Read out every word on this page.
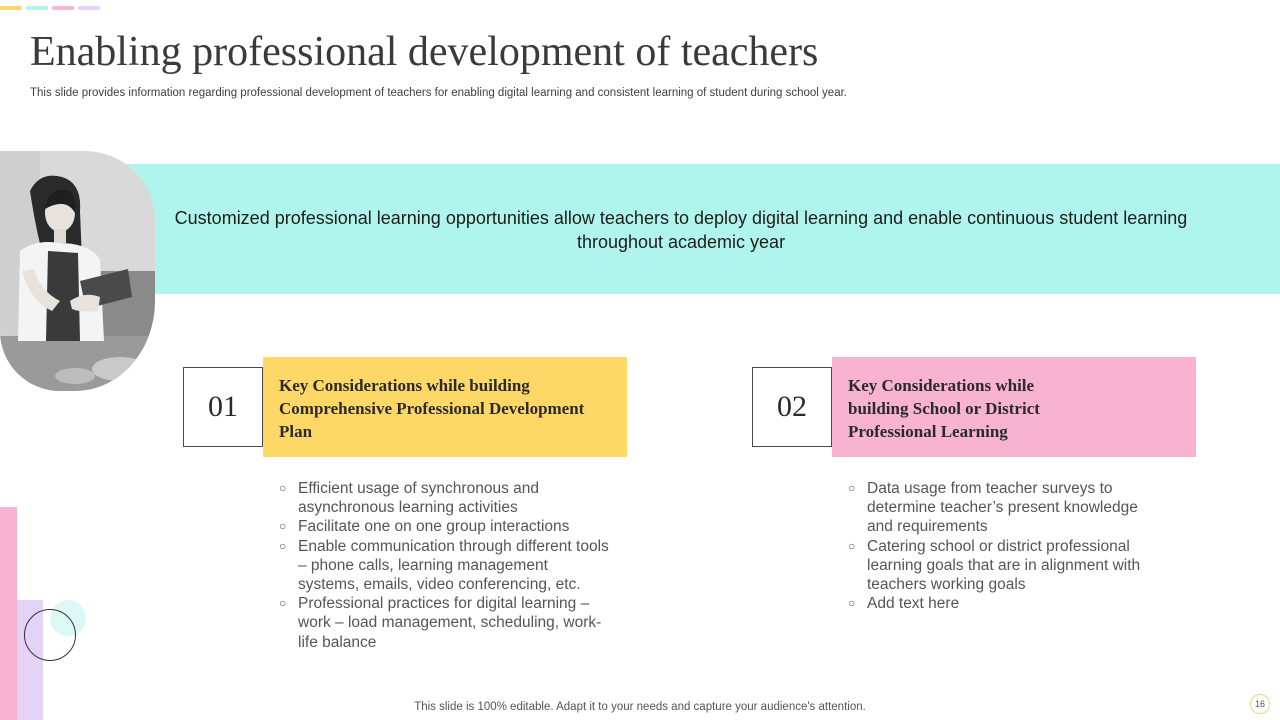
Enabling professional development of teachers

This slide provides information regarding professional development of teachers for enabling digital learning and consistent learning of student during school year.

Customized professional learning opportunities allow teachers to deploy digital learning and enable continuous student learning throughout academic year

01
Key Considerations while building Comprehensive Professional Development Plan
○ Efficient usage of synchronous and asynchronous learning activities
○ Facilitate one on one group interactions
○ Enable communication through different tools – phone calls, learning management systems, emails, video conferencing, etc.
○ Professional practices for digital learning – work – load management, scheduling, work-life balance
02
Key Considerations while building School or District Professional Learning
○ Data usage from teacher surveys to determine teacher’s present knowledge and requirements
○ Catering school or district professional learning goals that are in alignment with teachers working goals
○ Add text here

This slide is 100% editable. Adapt it to your needs and capture your audience's attention.	16
